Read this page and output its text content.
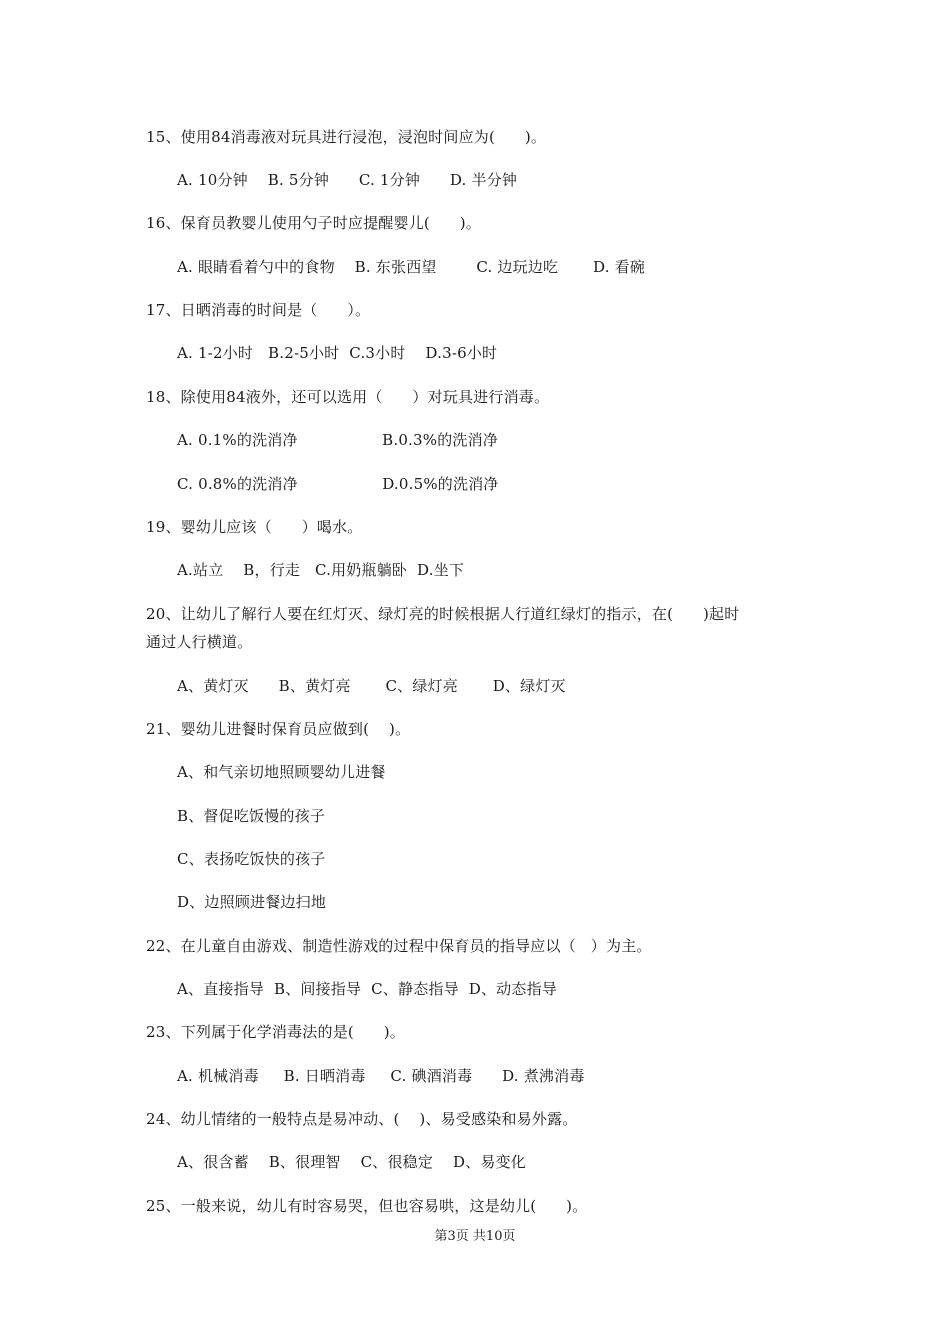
15、使用84消毒液对玩具进行浸泡，浸泡时间应为(      )。
A. 10分钟    B. 5分钟      C. 1分钟      D. 半分钟
16、保育员教婴儿使用勺子时应提醒婴儿(      )。
A. 眼睛看着勺中的食物    B. 东张西望        C. 边玩边吃       D. 看碗
17、日晒消毒的时间是（      ）。
A. 1-2小时   B.2-5小时  C.3小时    D.3-6小时
18、除使用84液外，还可以选用（      ）对玩具进行消毒。
A. 0.1%的洗消净                 B.0.3%的洗消净
C. 0.8%的洗消净                 D.0.5%的洗消净
19、婴幼儿应该（      ）喝水。
A.站立    B，行走   C.用奶瓶躺卧  D.坐下
20、让幼儿了解行人要在红灯灭、绿灯亮的时候根据人行道红绿灯的指示，在(      )起时
通过人行横道。
A、黄灯灭      B、黄灯亮       C、绿灯亮       D、绿灯灭
21、婴幼儿进餐时保育员应做到(    )。
A、和气亲切地照顾婴幼儿进餐
B、督促吃饭慢的孩子
C、表扬吃饭快的孩子
D、边照顾进餐边扫地
22、在儿童自由游戏、制造性游戏的过程中保育员的指导应以（   ）为主。
A、直接指导  B、间接指导  C、静态指导  D、动态指导
23、下列属于化学消毒法的是(      )。
A. 机械消毒     B. 日晒消毒     C. 碘酒消毒      D. 煮沸消毒
24、幼儿情绪的一般特点是易冲动、(    )、易受感染和易外露。
A、很含蓄    B、很理智    C、很稳定    D、易变化
25、一般来说，幼儿有时容易哭，但也容易哄，这是幼儿(      )。
第3页 共10页
